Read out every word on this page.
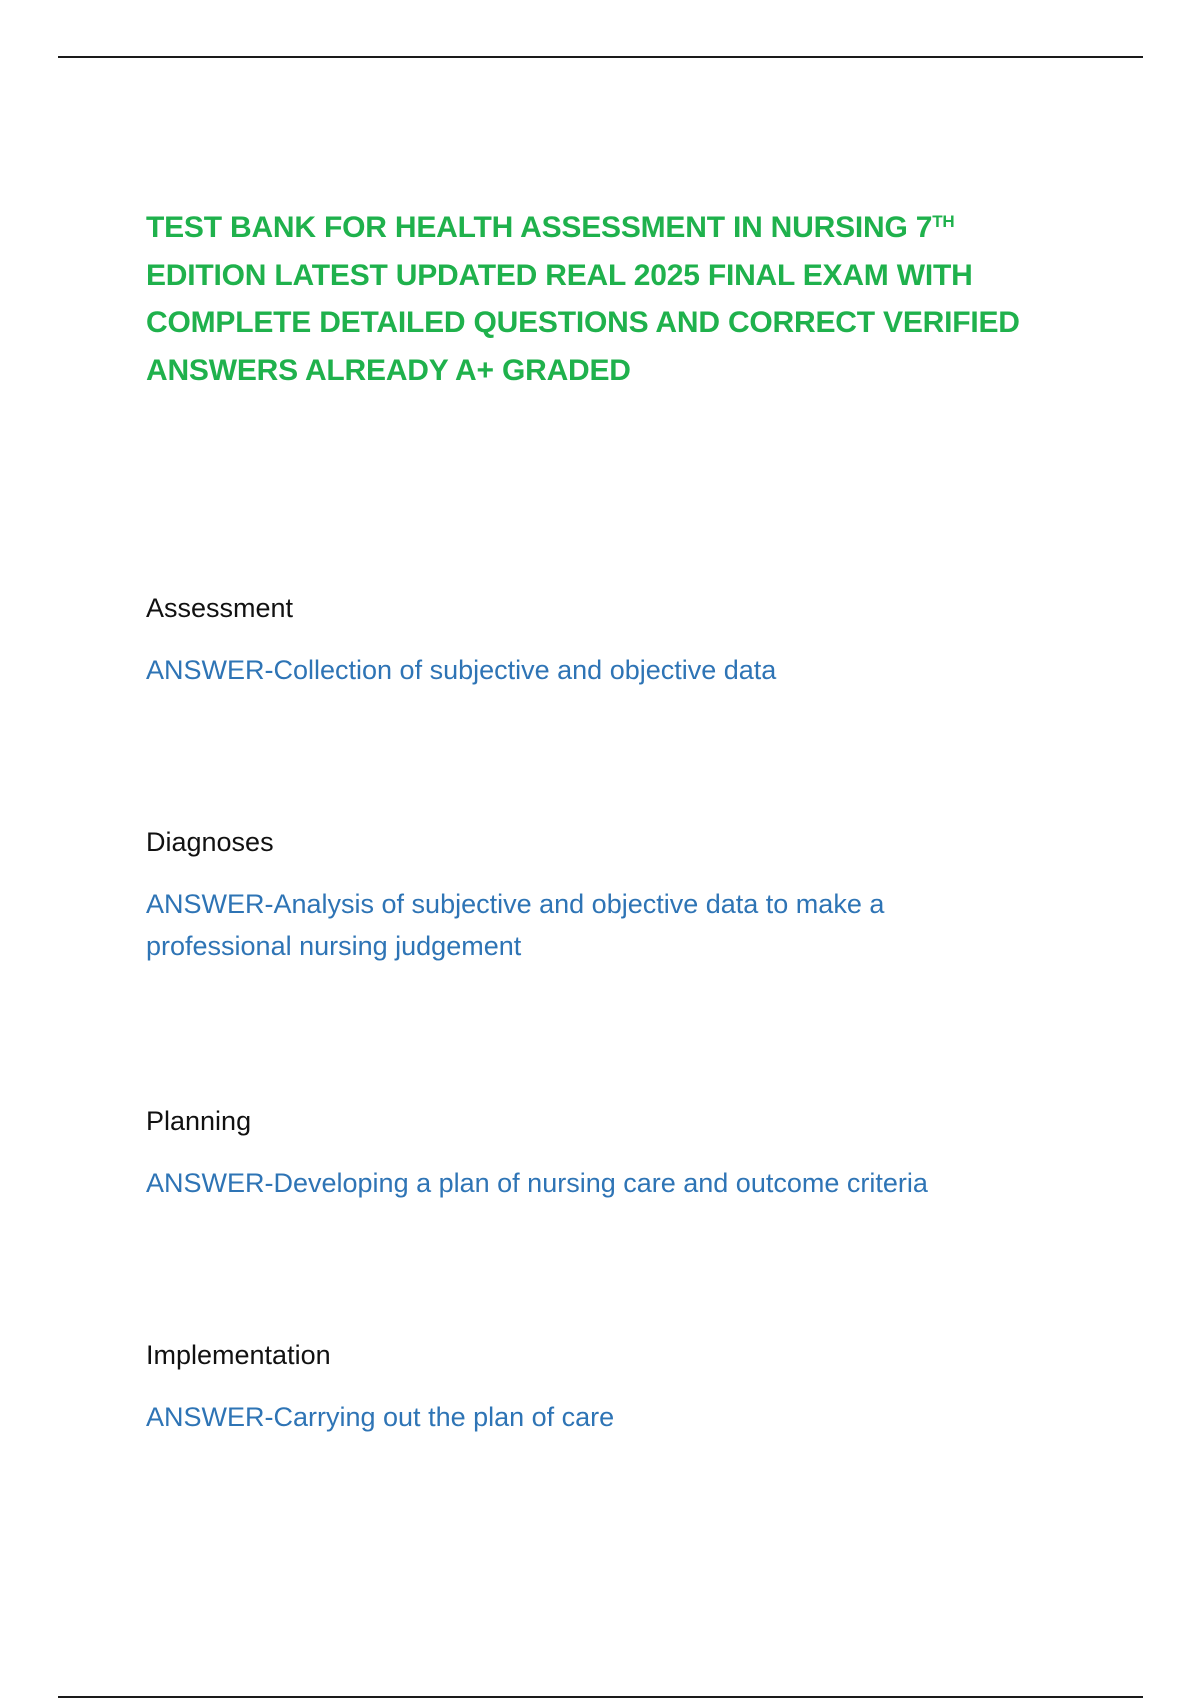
TEST BANK FOR HEALTH ASSESSMENT IN NURSING 7TH
EDITION LATEST UPDATED REAL 2025 FINAL EXAM WITH
COMPLETE DETAILED QUESTIONS AND CORRECT VERIFIED
ANSWERS ALREADY A+ GRADED

Assessment

ANSWER-Collection of subjective and objective data

Diagnoses

ANSWER-Analysis of subjective and objective data to make a
professional nursing judgement

Planning

ANSWER-Developing a plan of nursing care and outcome criteria

Implementation

ANSWER-Carrying out the plan of care
